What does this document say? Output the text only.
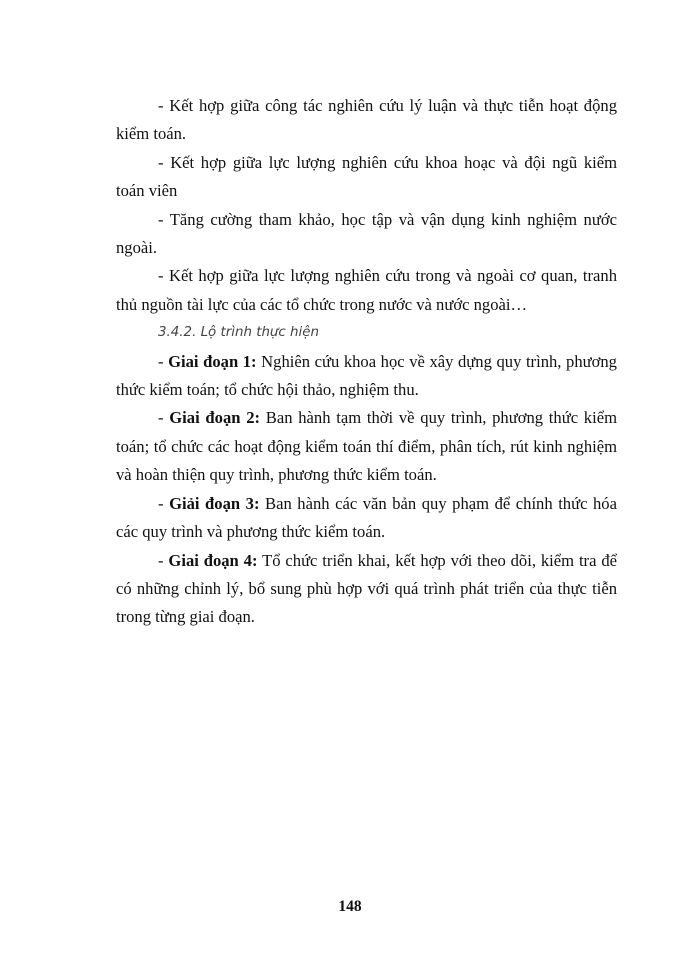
- Kết hợp giữa công tác nghiên cứu lý luận và thực tiễn hoạt động kiểm toán.

- Kết hợp giữa lực lượng nghiên cứu khoa hoạc và đội ngũ kiểm toán viên

- Tăng cường tham khảo, học tập và vận dụng kinh nghiệm nước ngoài.

- Kết hợp giữa lực lượng nghiên cứu trong và ngoài cơ quan, tranh thủ nguồn tài lực của các tổ chức trong nước và nước ngoài…

3.4.2. Lộ trình thực hiện

- Giai đoạn 1: Nghiên cứu khoa học về xây dựng quy trình, phương thức kiểm toán; tổ chức hội thảo, nghiệm thu.

- Giai đoạn 2: Ban hành tạm thời về quy trình, phương thức kiểm toán; tổ chức các hoạt động kiểm toán thí điểm, phân tích, rút kinh nghiệm và hoàn thiện quy trình, phương thức kiểm toán.

- Giải đoạn 3: Ban hành các văn bản quy phạm để chính thức hóa các quy trình và phương thức kiểm toán.

- Giai đoạn 4: Tổ chức triển khai, kết hợp với theo dõi, kiểm tra để có những chỉnh lý, bổ sung phù hợp với quá trình phát triển của thực tiễn trong từng giai đoạn.

148
